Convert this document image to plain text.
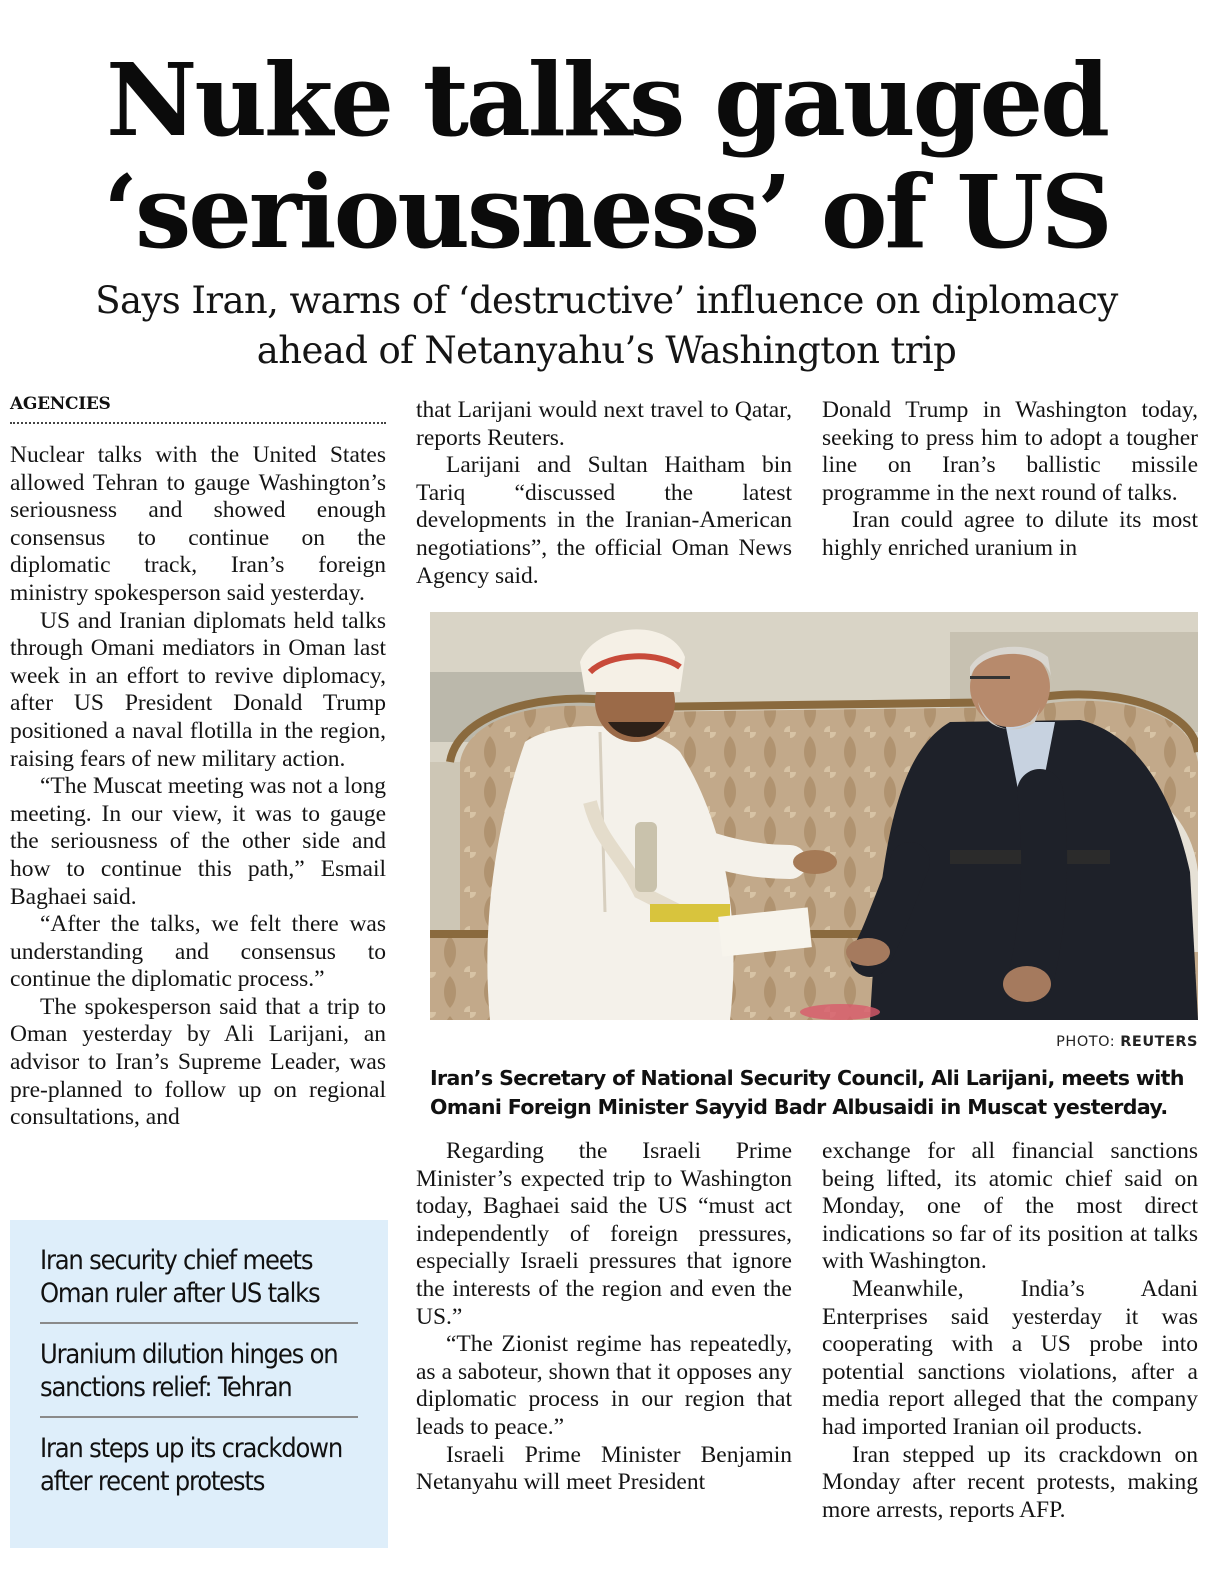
Nuke talks gauged
‘seriousness’ of US
Says Iran, warns of ‘destructive’ influence on diplomacy
ahead of Netanyahu’s Washington trip
AGENCIES

Nuclear talks with the United States allowed Tehran to gauge Washington’s seriousness and showed enough consensus to continue on the diplomatic track, Iran’s foreign ministry spokesperson said yesterday.

US and Iranian diplomats held talks through Omani mediators in Oman last week in an effort to revive diplomacy, after US President Donald Trump positioned a naval flotilla in the region, raising fears of new military action.

“The Muscat meeting was not a long meeting. In our view, it was to gauge the seriousness of the other side and how to continue this path,” Esmail Baghaei said.

“After the talks, we felt there was understanding and consensus to continue the diplomatic process.”

The spokesperson said that a trip to Oman yesterday by Ali Larijani, an advisor to Iran’s Supreme Leader, was pre-planned to follow up on regional consultations, and

that Larijani would next travel to Qatar, reports Reuters.

Larijani and Sultan Haitham bin Tariq “discussed the latest developments in the Iranian-American negotiations”, the official Oman News Agency said.

Donald Trump in Washington today, seeking to press him to adopt a tougher line on Iran’s ballistic missile programme in the next round of talks.

Iran could agree to dilute its most highly enriched uranium in

PHOTO: REUTERS
Iran’s Secretary of National Security Council, Ali Larijani, meets with
Omani Foreign Minister Sayyid Badr Albusaidi in Muscat yesterday.

Regarding the Israeli Prime Minister’s expected trip to Washington today, Baghaei said the US “must act independently of foreign pressures, especially Israeli pressures that ignore the interests of the region and even the US.”

“The Zionist regime has repeatedly, as a saboteur, shown that it opposes any diplomatic process in our region that leads to peace.”

Israeli Prime Minister Benjamin Netanyahu will meet President

exchange for all financial sanctions being lifted, its atomic chief said on Monday, one of the most direct indications so far of its position at talks with Washington.

Meanwhile, India’s Adani Enterprises said yesterday it was cooperating with a US probe into potential sanctions violations, after a media report alleged that the company had imported Iranian oil products.

Iran stepped up its crackdown on Monday after recent protests, making more arrests, reports AFP.

Iran security chief meets Oman ruler after US talks
Uranium dilution hinges on sanctions relief: Tehran
Iran steps up its crackdown after recent protests
